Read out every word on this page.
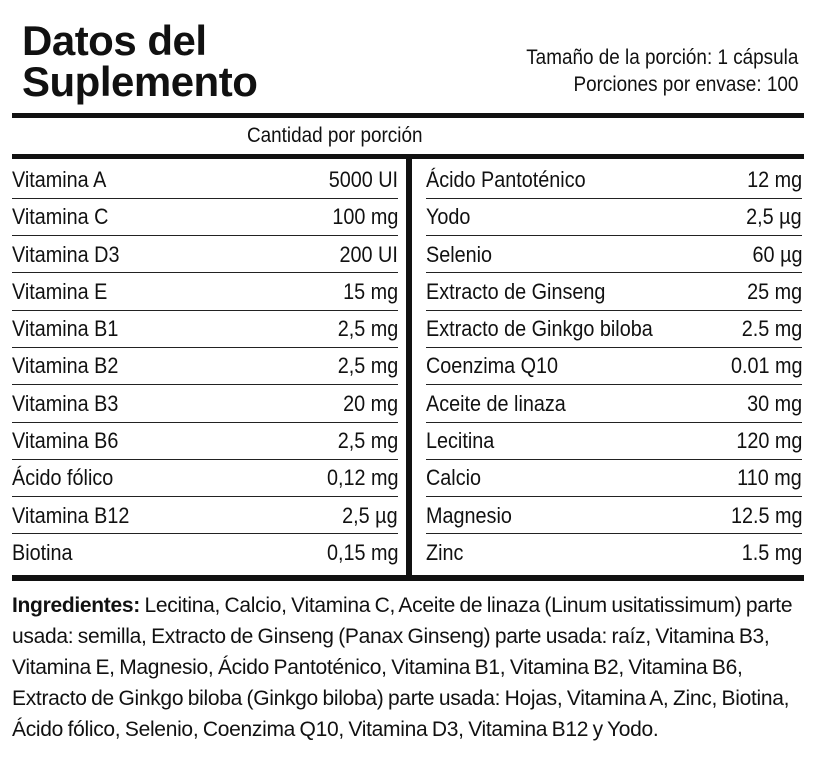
Datos del
Suplemento
Tamaño de la porción: 1 cápsula
Porciones por envase: 100
Cantidad por porción
Vitamina A	5000 UI
Vitamina C	100 mg
Vitamina D3	200 UI
Vitamina E	15 mg
Vitamina B1	2,5 mg
Vitamina B2	2,5 mg
Vitamina B3	20 mg
Vitamina B6	2,5 mg
Ácido fólico	0,12 mg
Vitamina B12	2,5 µg
Biotina	0,15 mg
Ácido Pantoténico	12 mg
Yodo	2,5 µg
Selenio	60 µg
Extracto de Ginseng	25 mg
Extracto de Ginkgo biloba	2.5 mg
Coenzima Q10	0.01 mg
Aceite de linaza	30 mg
Lecitina	120 mg
Calcio	110 mg
Magnesio	12.5 mg
Zinc	1.5 mg

Ingredientes: Lecitina, Calcio, Vitamina C, Aceite de linaza (Linum usitatissimum) parte usada: semilla, Extracto de Ginseng (Panax Ginseng) parte usada: raíz, Vitamina B3, Vitamina E, Magnesio, Ácido Pantoténico, Vitamina B1, Vitamina B2, Vitamina B6, Extracto de Ginkgo biloba (Ginkgo biloba) parte usada: Hojas, Vitamina A, Zinc, Biotina, Ácido fólico, Selenio, Coenzima Q10, Vitamina D3, Vitamina B12 y Yodo.
